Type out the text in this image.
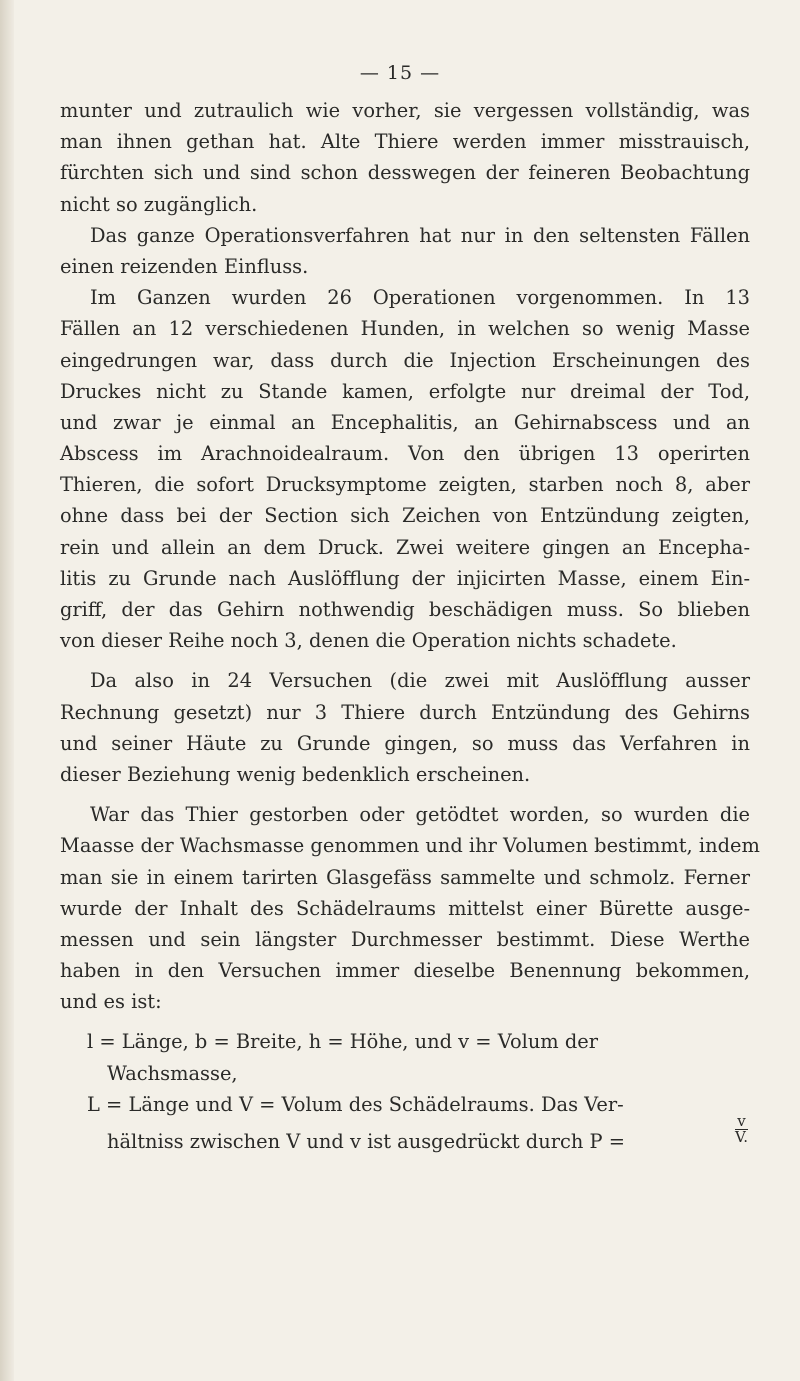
— 15 —
munter und zutraulich wie vorher, sie vergessen vollständig, was
man ihnen gethan hat. Alte Thiere werden immer misstrauisch,
fürchten sich und sind schon desswegen der feineren Beobachtung
nicht so zugänglich.
Das ganze Operationsverfahren hat nur in den seltensten Fällen
einen reizenden Einfluss.
Im Ganzen wurden 26 Operationen vorgenommen. In 13
Fällen an 12 verschiedenen Hunden, in welchen so wenig Masse
eingedrungen war, dass durch die Injection Erscheinungen des
Druckes nicht zu Stande kamen, erfolgte nur dreimal der Tod,
und zwar je einmal an Encephalitis, an Gehirnabscess und an
Abscess im Arachnoidealraum. Von den übrigen 13 operirten
Thieren, die sofort Drucksymptome zeigten, starben noch 8, aber
ohne dass bei der Section sich Zeichen von Entzündung zeigten,
rein und allein an dem Druck. Zwei weitere gingen an Encepha-
litis zu Grunde nach Auslöfflung der injicirten Masse, einem Ein-
griff, der das Gehirn nothwendig beschädigen muss. So blieben
von dieser Reihe noch 3, denen die Operation nichts schadete.
Da also in 24 Versuchen (die zwei mit Auslöfflung ausser
Rechnung gesetzt) nur 3 Thiere durch Entzündung des Gehirns
und seiner Häute zu Grunde gingen, so muss das Verfahren in
dieser Beziehung wenig bedenklich erscheinen.
War das Thier gestorben oder getödtet worden, so wurden die
Maasse der Wachsmasse genommen und ihr Volumen bestimmt, indem
man sie in einem tarirten Glasgefäss sammelte und schmolz. Ferner
wurde der Inhalt des Schädelraums mittelst einer Bürette ausge-
messen und sein längster Durchmesser bestimmt. Diese Werthe
haben in den Versuchen immer dieselbe Benennung bekommen,
und es ist:
l = Länge, b = Breite, h = Höhe, und v = Volum der
Wachsmasse,
L = Länge und V = Volum des Schädelraums. Das Ver-
hältniss zwischen V und v ist ausgedrückt durch P =	$\frac{v}{V.}$
